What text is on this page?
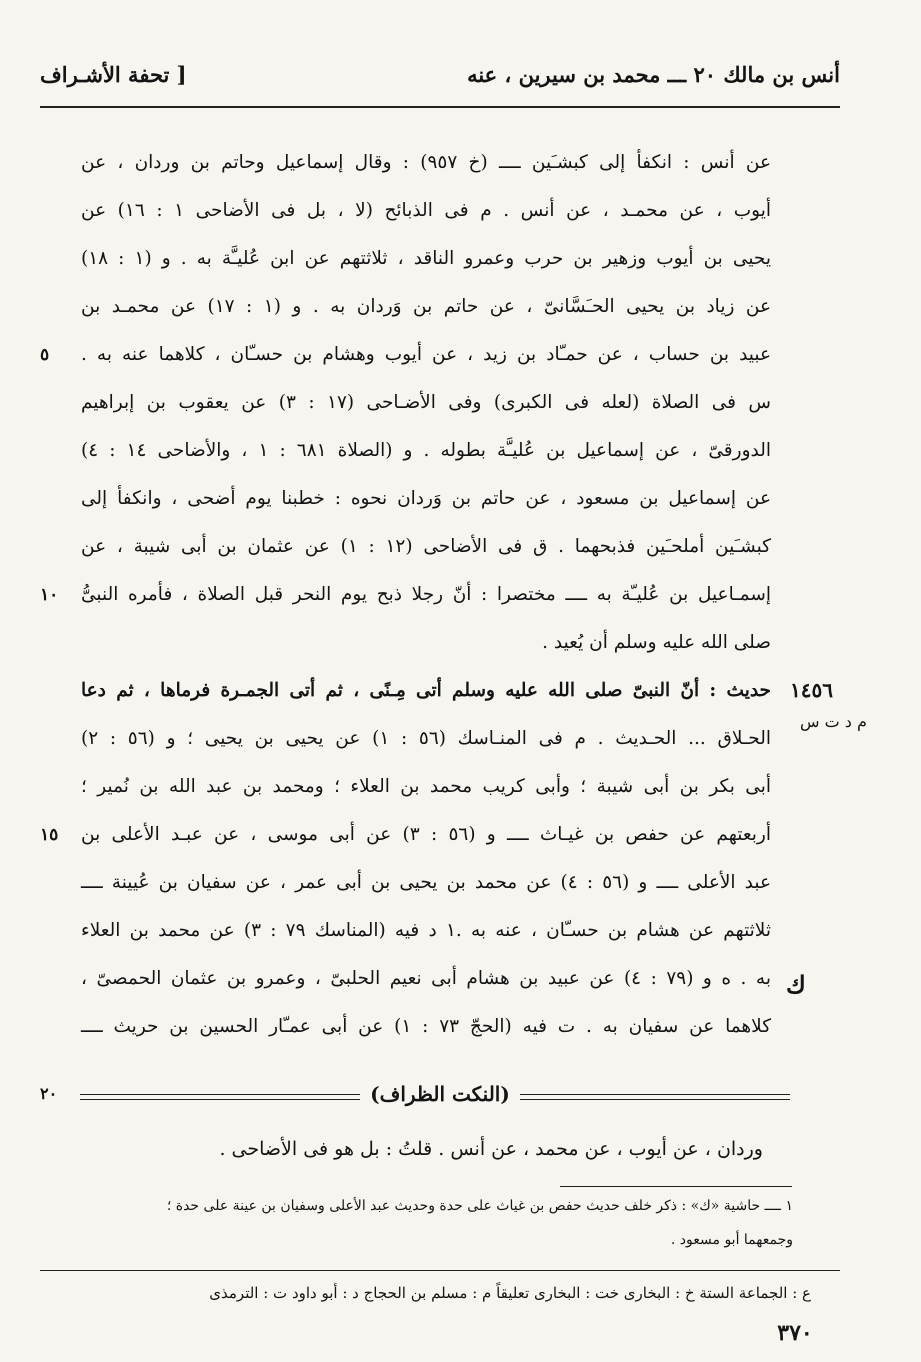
أنس بن مالك ٢٠ ـــ محمد بن سيرين ، عنه
[ تحفة الأشـراف
عن أنس : انكفأ إلى كبشـَين ــــ (خ ٩٥٧) : وقال إسماعيل وحاتم بن وردان ، عن
أيوب ، عن محمـد ، عن أنس . م فى الذبائح (لا ، بل فى الأضاحى ١ : ١٦) عن
يحيى بن أيوب وزهير بن حرب وعمرو الناقد ، ثلاثتهم عن ابن عُليـَّة به . و (١ : ١٨)
عن زياد بن يحيى الحـَسَّانىّ ، عن حاتم بن وَردان به . و (١ : ١٧) عن محمـد بن
عبيد بن حساب ، عن حمـّاد بن زيد ، عن أيوب وهشام بن حسـّان ، كلاهما عنه به .
٥
س فى الصلاة (لعله فى الكبرى) وفى الأضـاحى (١٧ : ٣) عن يعقوب بن إبراهيم
الدورقىّ ، عن إسماعيل بن عُليـَّة بطوله . و (الصلاة ٦٨١ : ١ ، والأضاحى ١٤ : ٤)
عن إسماعيل بن مسعود ، عن حاتم بن وَردان نحوه : خطبنا يوم أضحى ، وانكفأ إلى
كبشـَين أملحـَين فذبحهما . ق فى الأضاحى (١٢ : ١) عن عثمان بن أبى شيبة ، عن
إسمـاعيل بن عُليـّة به ــــ مختصرا : أنّ رجلا ذبح يوم النحر قبل الصلاة ، فأمره النبىُّ
١٠
صلى الله عليه وسلم أن يُعيد .
١٤٥٦
م د ت س
حديث : أنّ النبىّ صلى الله عليه وسلم أتى مِـنًى ، ثم أتى الجمـرة فرماها ، ثم دعا
الحـلاق ... الحـديث . م فى المنـاسك (٥٦ : ١) عن يحيى بن يحيى ؛ و (٥٦ : ٢)
أبى بكر بن أبى شيبة ؛ وأبى كريب محمد بن العلاء ؛ ومحمد بن عبد الله بن نُمير ؛
أربعتهم عن حفص بن غيـاث ــــ و (٥٦ : ٣) عن أبى موسى ، عن عبـد الأعلى بن
١٥
عبد الأعلى ــــ و (٥٦ : ٤) عن محمد بن يحيى بن أبى عمر ، عن سفيان بن عُيينة ــــ
ثلاثتهم عن هشام بن حسـّان ، عنه به .١ د فيه (المناسك ٧٩ : ٣) عن محمد بن العلاء
به . ه و (٧٩ : ٤) عن عبيد بن هشام أبى نعيم الحلبىّ ، وعمرو بن عثمان الحمصىّ ، ك
كلاهما عن سفيان به . ت فيه (الحجّ ٧٣ : ١) عن أبى عمـّار الحسين بن حريث ــــ
٢٠	(النكت الظراف)
وردان ، عن أيوب ، عن محمد ، عن أنس . قلتُ : بل هو فى الأضاحى .
١ ــــ حاشية «ك» : ذكر خلف حديث حفص بن غياث على حدة وحديث عبد الأعلى وسفيان بن عينة على حدة ؛
وجمعهما أبو مسعود .
ع : الجماعة الستة خ : البخارى خت : البخارى تعليقاً م : مسلم بن الحجاج د : أبو داود ت : الترمذى
٣٧٠
